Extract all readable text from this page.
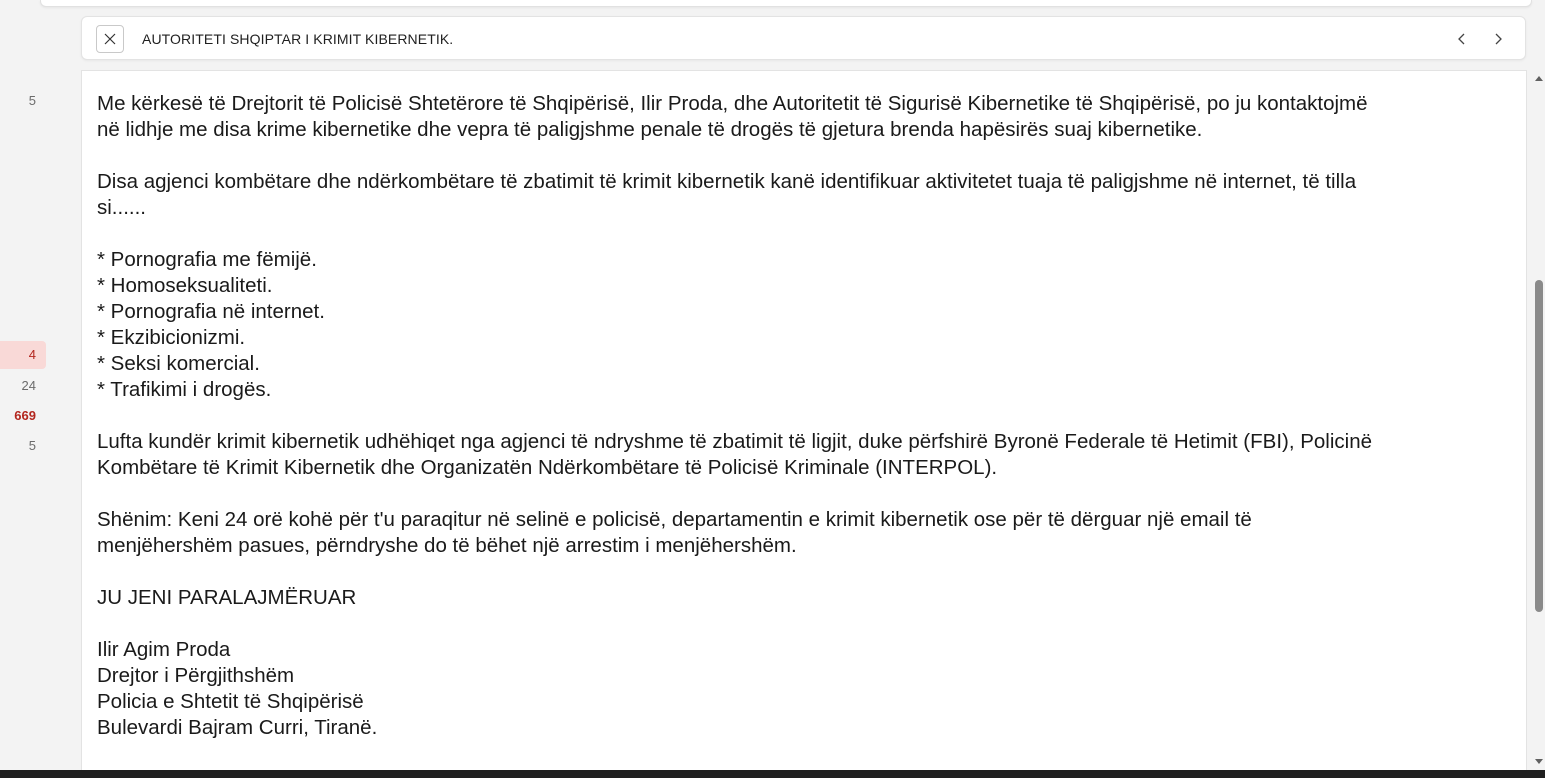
5
4
24
669
5
AUTORITETI SHQIPTAR I KRIMIT KIBERNETIK.

Me kërkesë të Drejtorit të Policisë Shtetërore të Shqipërisë, Ilir Proda, dhe Autoritetit të Sigurisë Kibernetike të Shqipërisë, po ju kontaktojmë
në lidhje me disa krime kibernetike dhe vepra të paligjshme penale të drogës të gjetura brenda hapësirës suaj kibernetike.

Disa agjenci kombëtare dhe ndërkombëtare të zbatimit të krimit kibernetik kanë identifikuar aktivitetet tuaja të paligjshme në internet, të tilla
si......

* Pornografia me fëmijë.
* Homoseksualiteti.
* Pornografia në internet.
* Ekzibicionizmi.
* Seksi komercial.
* Trafikimi i drogës.

Lufta kundër krimit kibernetik udhëhiqet nga agjenci të ndryshme të zbatimit të ligjit, duke përfshirë Byronë Federale të Hetimit (FBI), Policinë
Kombëtare të Krimit Kibernetik dhe Organizatën Ndërkombëtare të Policisë Kriminale (INTERPOL).

Shënim: Keni 24 orë kohë për t'u paraqitur në selinë e policisë, departamentin e krimit kibernetik ose për të dërguar një email të
menjëhershëm pasues, përndryshe do të bëhet një arrestim i menjëhershëm.

JU JENI PARALAJMËRUAR

Ilir Agim Proda
Drejtor i Përgjithshëm
Policia e Shtetit të Shqipërisë
Bulevardi Bajram Curri, Tiranë.
